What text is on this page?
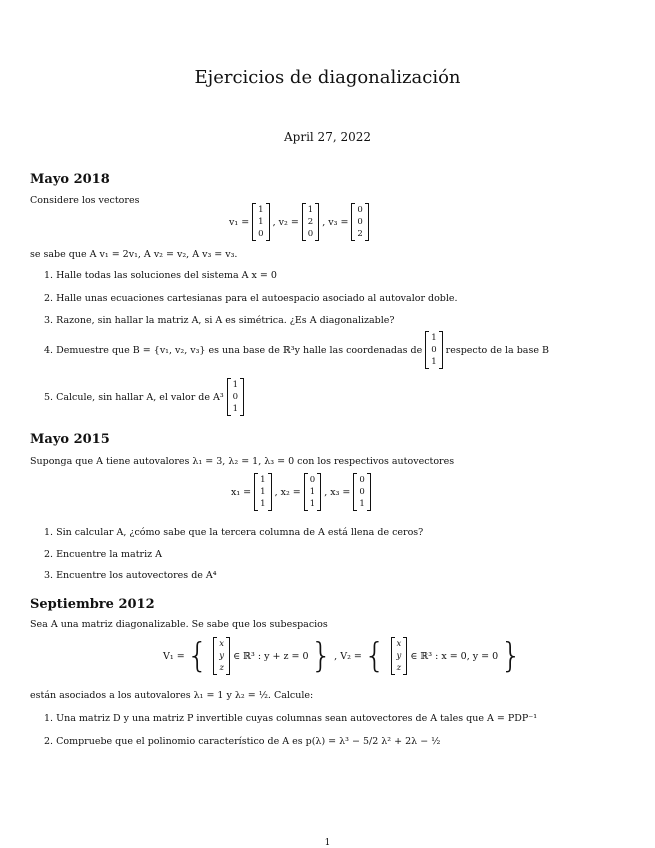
Ejercicios de diagonalización
April 27, 2022
Mayo 2018
Considere los vectores
v₁ =
1
1
0
, v₂ =
1
2
0
, v₃ =
0
0
2
se sabe que A v₁ = 2v₁, A v₂ = v₂, A v₃ = v₃.
1. Halle todas las soluciones del sistema A x = 0
2. Halle unas ecuaciones cartesianas para el autoespacio asociado al autovalor doble.
3. Razone, sin hallar la matriz A, si A es simétrica. ¿Es A diagonalizable?
4. Demuestre que B = {v₁, v₂, v₃} es una base de ℝ³y halle las coordenadas de
1
0
1
respecto de la base B
5. Calcule, sin hallar A, el valor de A³
1
0
1
Mayo 2015
Suponga que A tiene autovalores λ₁ = 3, λ₂ = 1, λ₃ = 0 con los respectivos autovectores
x₁ =
1
1
1
, x₂ =
0
1
1
, x₃ =
0
0
1
1. Sin calcular A, ¿cómo sabe que la tercera columna de A está llena de ceros?
2. Encuentre la matriz A
3. Encuentre los autovectores de A⁴
Septiembre 2012
Sea A una matriz diagonalizable. Se sabe que los subespacios
V₁ = { x
y
z
∈ ℝ³ : y + z = 0 } , V₂ = { x
y
z
∈ ℝ³ : x = 0, y = 0 }
están asociados a los autovalores λ₁ = 1 y λ₂ = ½. Calcule:
1. Una matriz D y una matriz P invertible cuyas columnas sean autovectores de A tales que A = PDP⁻¹
2. Compruebe que el polinomio característico de A es p(λ) = λ³ − 5/2 λ² + 2λ − ½
1
